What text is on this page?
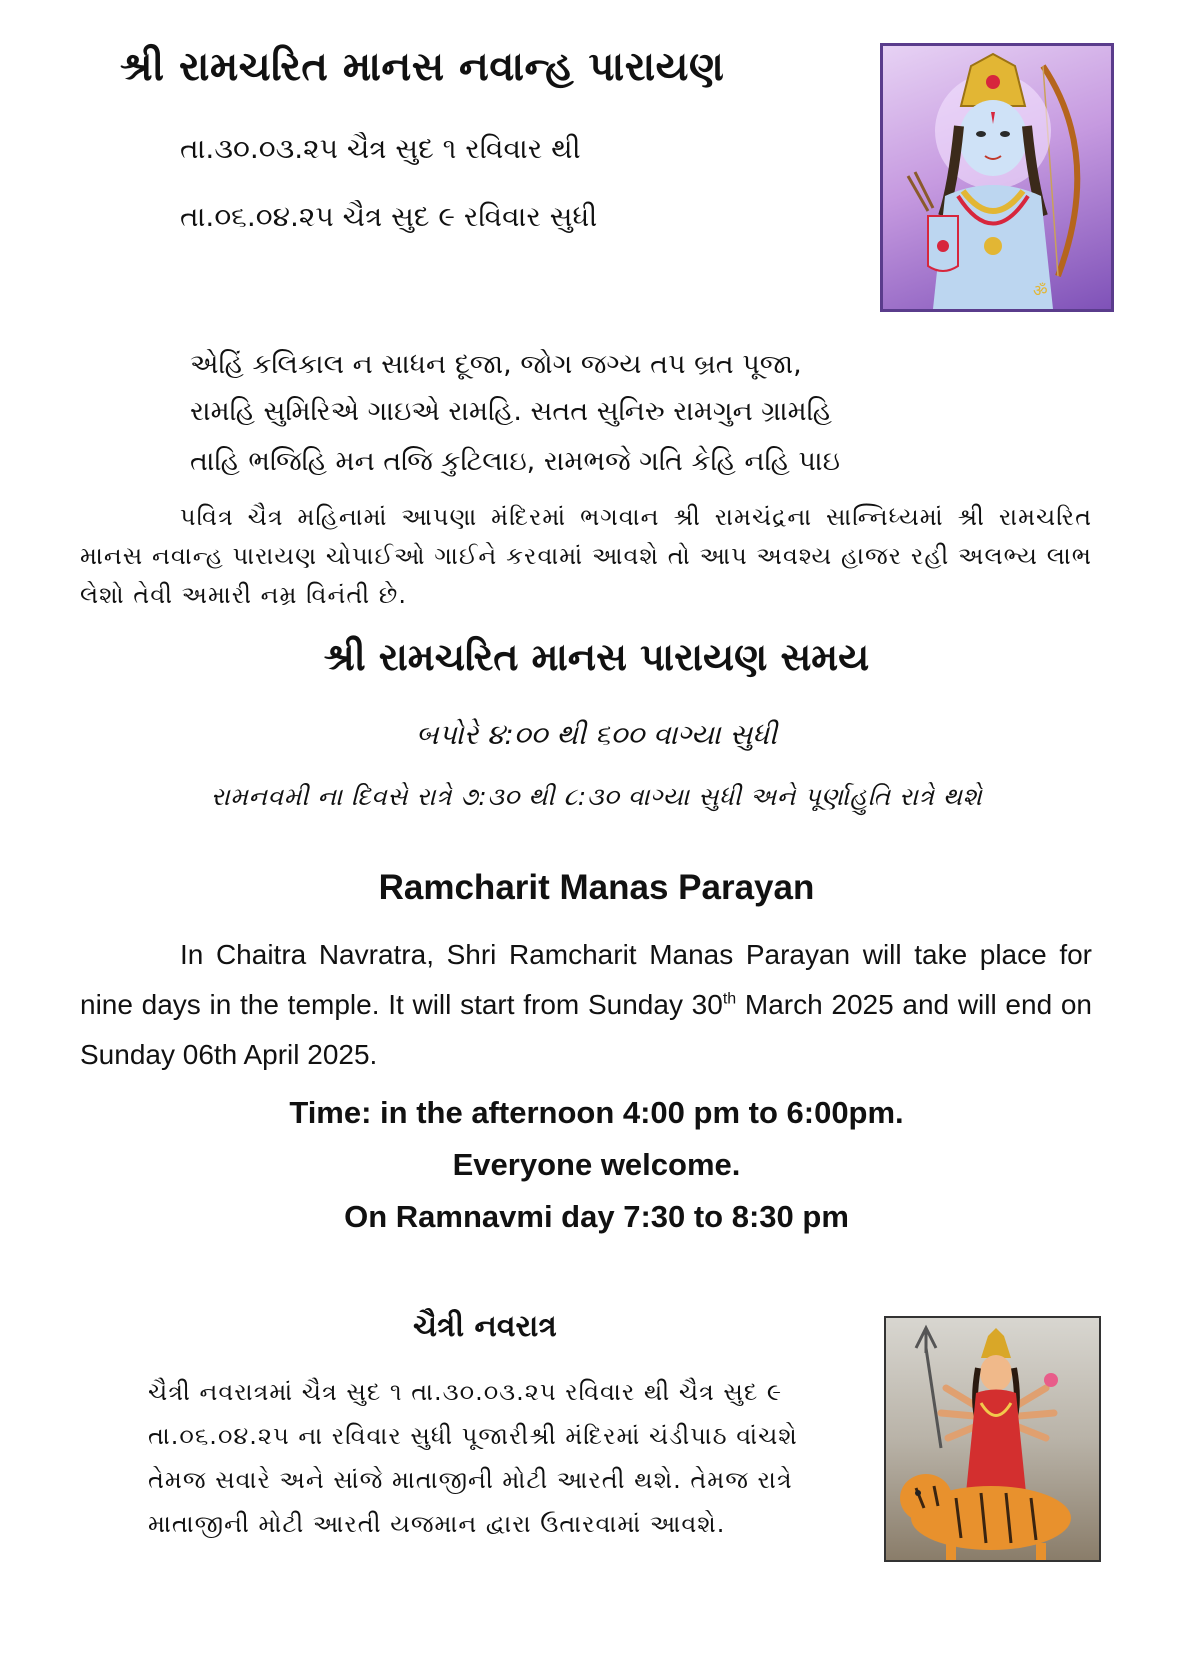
ॐ
શ્રી રામચરિત માનસ નવાન્હ પારાયણ
તા.૩૦.૦૩.૨૫ ચૈત્ર સુદ ૧ રવિવાર થી
તા.૦૬.૦૪.૨૫ ચૈત્ર સુદ ૯ રવિવાર સુધી
એહિં કલિકાલ ન સાધન દૂજા, જોગ જગ્ય તપ બ્રત પૂજા,
રામહિ સુમિરિએ ગાઇએ રામહિ. સતત સુનિરુ રામગુન ગ્રામહિ
તાહિ ભજિહિ મન તજિ કુટિલાઇ, રામભજે ગતિ કેહિ નહિ પાઇ
પવિત્ર ચૈત્ર મહિનામાં આપણા મંદિરમાં ભગવાન શ્રી રામચંદ્રના સાન્નિધ્યમાં શ્રી રામચરિત માનસ નવાન્હ પારાયણ ચોપાઈઓ ગાઈને કરવામાં આવશે તો આપ અવશ્ય હાજર રહી અલભ્ય લાભ લેશો તેવી અમારી નમ્ર વિનંતી છે.
શ્રી રામચરિત માનસ પારાયણ સમય
બપોરે ૪:૦૦ થી ૬૦૦ વાગ્યા સુધી
રામનવમી ના દિવસે રાત્રે ૭:૩૦ થી ૮:૩૦ વાગ્યા સુધી અને પૂર્ણાહુતિ રાત્રે થશે
Ramcharit Manas Parayan
In Chaitra Navratra, Shri Ramcharit Manas Parayan will take place for nine days in the temple. It will start from Sunday 30th March 2025 and will end on Sunday 06th April 2025.
Time: in the afternoon 4:00 pm to 6:00pm.
Everyone welcome.
On Ramnavmi day 7:30 to 8:30 pm
ચૈત્રી નવરાત્ર
ચૈત્રી નવરાત્રમાં ચૈત્ર સુદ ૧ તા.૩૦.૦૩.૨૫ રવિવાર થી ચૈત્ર સુદ ૯ તા.૦૬.૦૪.૨૫ ના રવિવાર સુધી પૂજારીશ્રી મંદિરમાં ચંડીપાઠ વાંચશે તેમજ સવારે અને સાંજે માતાજીની મોટી આરતી થશે. તેમજ રાત્રે માતાજીની મોટી આરતી યજમાન દ્વારા ઉતારવામાં આવશે.
